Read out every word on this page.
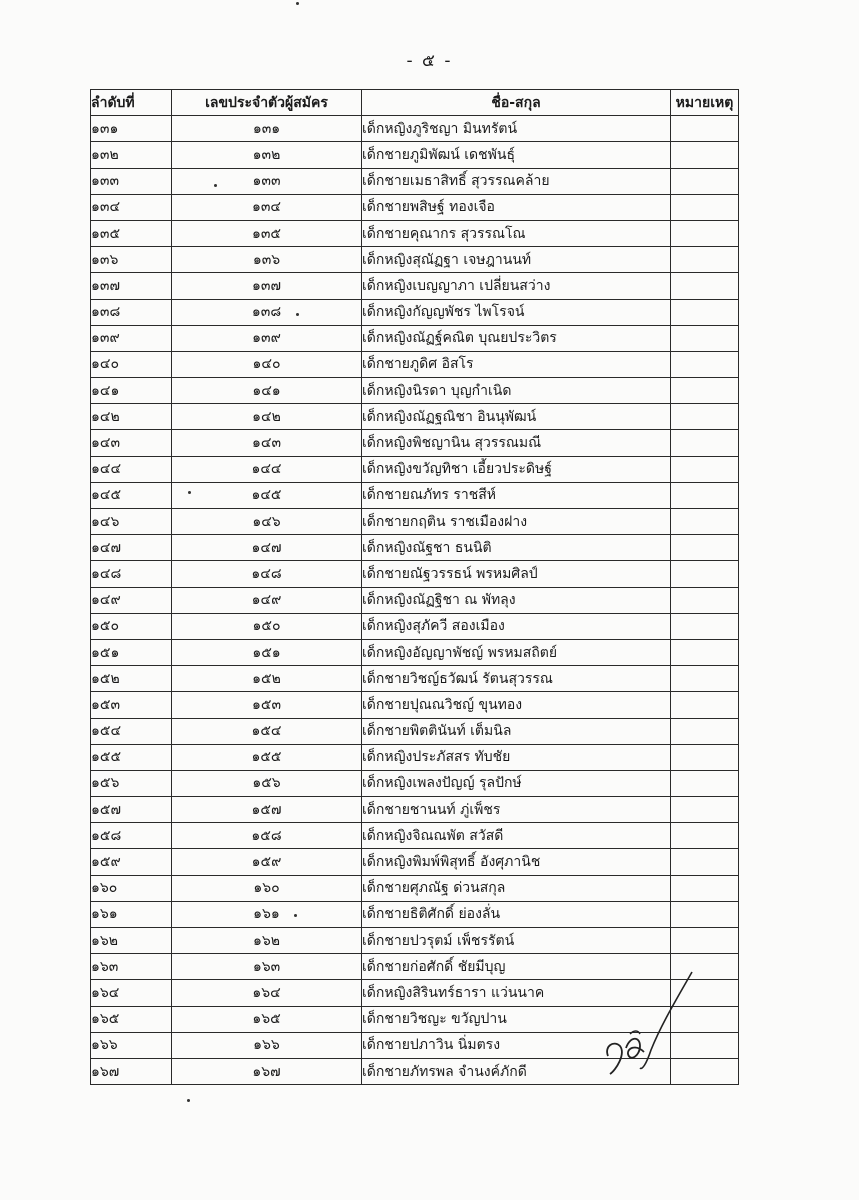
- ๕ -
ลำดับที่	เลขประจำตัวผู้สมัคร	ชื่อ-สกุล	หมายเหตุ
๑๓๑	๑๓๑	เด็กหญิงภูริชญา มินทรัตน์	
๑๓๒	๑๓๒	เด็กชายภูมิพัฒน์ เดชพันธุ์	
๑๓๓	๑๓๓	เด็กชายเมธาสิทธิ์ สุวรรณคล้าย	
๑๓๔	๑๓๔	เด็กชายพสิษฐ์ ทองเจือ	
๑๓๕	๑๓๕	เด็กชายคุณากร สุวรรณโณ	
๑๓๖	๑๓๖	เด็กหญิงสุณัฏฐา เจษฎานนท์	
๑๓๗	๑๓๗	เด็กหญิงเบญญาภา เปลี่ยนสว่าง	
๑๓๘	๑๓๘	เด็กหญิงกัญญพัชร ไพโรจน์	
๑๓๙	๑๓๙	เด็กหญิงณัฏฐ์คณิต บุณยประวิตร	
๑๔๐	๑๔๐	เด็กชายภูดิศ อิสโร	
๑๔๑	๑๔๑	เด็กหญิงนิรดา บุญกำเนิด	
๑๔๒	๑๔๒	เด็กหญิงณัฏฐณิชา อินนุพัฒน์	
๑๔๓	๑๔๓	เด็กหญิงพิชญานิน สุวรรณมณี	
๑๔๔	๑๔๔	เด็กหญิงขวัญทิชา เอี้ยวประดิษฐ์	
๑๔๕	๑๔๕	เด็กชายณภัทร ราชสีห์	
๑๔๖	๑๔๖	เด็กชายกฤติน ราชเมืองฝาง	
๑๔๗	๑๔๗	เด็กหญิงณัฐชา ธนนิติ	
๑๔๘	๑๔๘	เด็กชายณัฐวรรธน์ พรหมศิลป์	
๑๔๙	๑๔๙	เด็กหญิงณัฏฐิชา ณ พัทลุง	
๑๕๐	๑๕๐	เด็กหญิงสุภัควี สองเมือง	
๑๕๑	๑๕๑	เด็กหญิงอัญญาพัชญ์ พรหมสถิตย์	
๑๕๒	๑๕๒	เด็กชายวิชญ์ธวัฒน์ รัตนสุวรรณ	
๑๕๓	๑๕๓	เด็กชายปุณณวิชญ์ ขุนทอง	
๑๕๔	๑๕๔	เด็กชายพิตตินันท์ เต็มนิล	
๑๕๕	๑๕๕	เด็กหญิงประภัสสร ทับชัย	
๑๕๖	๑๕๖	เด็กหญิงเพลงปัญญ์ รุลปักษ์	
๑๕๗	๑๕๗	เด็กชายชานนท์ ภู่เพ็ชร	
๑๕๘	๑๕๘	เด็กหญิงจิณณพัต สวัสดี	
๑๕๙	๑๕๙	เด็กหญิงพิมพ์พิสุทธิ์ อังศุภานิช	
๑๖๐	๑๖๐	เด็กชายศุภณัฐ ด่วนสกุล	
๑๖๑	๑๖๑	เด็กชายธิติศักดิ์ ย่องลั่น	
๑๖๒	๑๖๒	เด็กชายปวรุตม์ เพ็ชรรัตน์	
๑๖๓	๑๖๓	เด็กชายก่อศักดิ์ ชัยมีบุญ	
๑๖๔	๑๖๔	เด็กหญิงสิรินทร์ธารา แว่นนาค	
๑๖๕	๑๖๕	เด็กชายวิชญะ ขวัญปาน	
๑๖๖	๑๖๖	เด็กชายปภาวิน นิ่มตรง	
๑๖๗	๑๖๗	เด็กชายภัทรพล จำนงค์ภักดี	
